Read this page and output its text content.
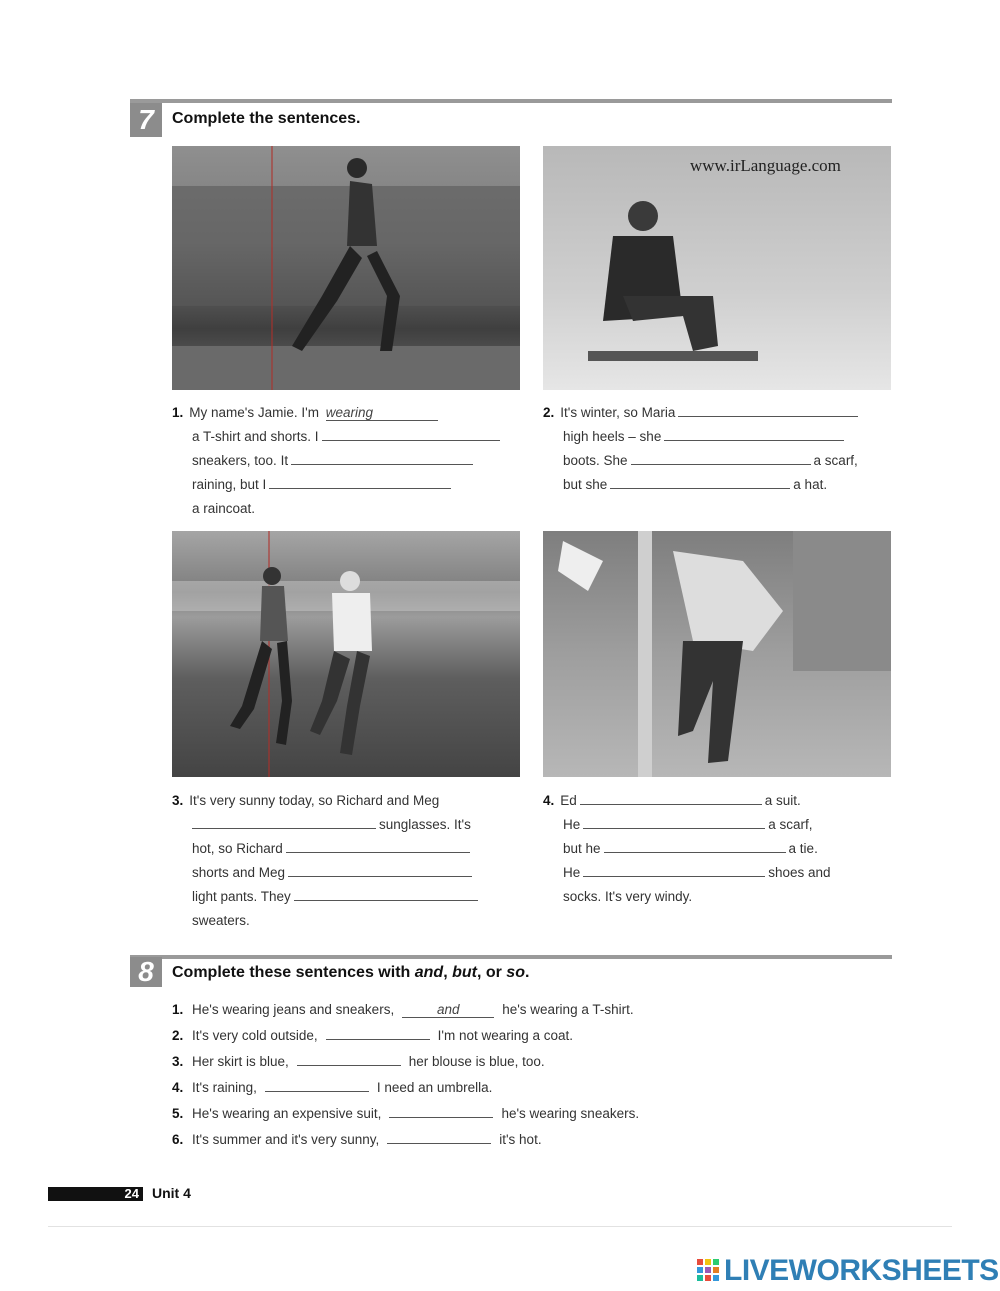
7	Complete the sentences.
www.irLanguage.com
1. My name's Jamie. I'm wearing
a T-shirt and shorts. I
sneakers, too. It
raining, but I
a raincoat.
2. It's winter, so Maria
high heels – she
boots. She	a scarf,
but she	a hat.
3. It's very sunny today, so Richard and Meg
sunglasses. It's
hot, so Richard
shorts and Meg
light pants. They
sweaters.
4. Ed	a suit.
He	a scarf,
but he	a tie.
He	shoes and
socks. It's very windy.
8	Complete these sentences with and, but, or so.
1. He's wearing jeans and sneakers,	and	he's wearing a T-shirt.
2. It's very cold outside,	I'm not wearing a coat.
3. Her skirt is blue,	her blouse is blue, too.
4. It's raining,	I need an umbrella.
5. He's wearing an expensive suit,	he's wearing sneakers.
6. It's summer and it's very sunny,	it's hot.
24 Unit 4
LIVEWORKSHEETS
